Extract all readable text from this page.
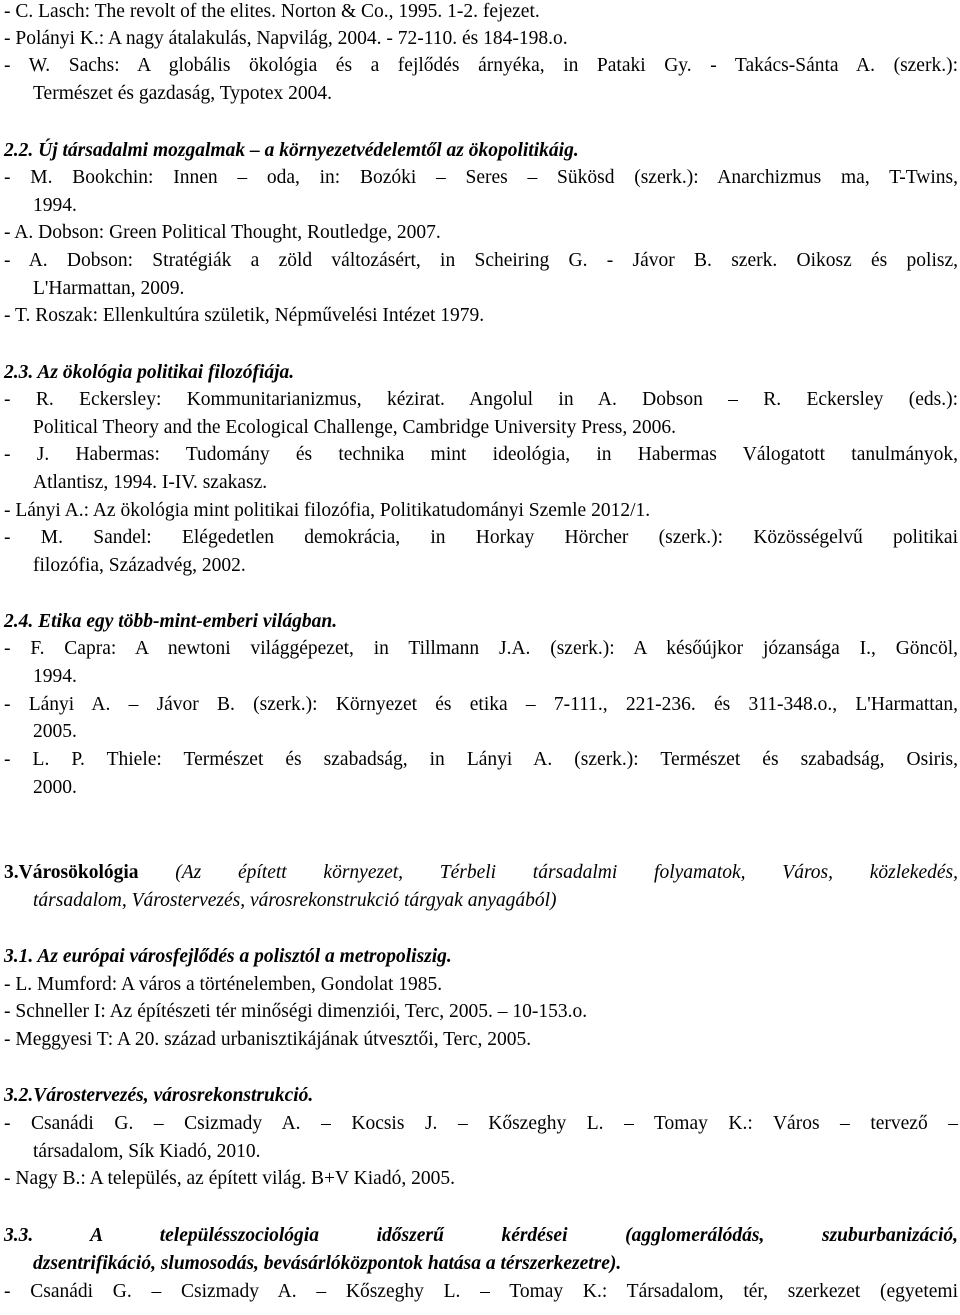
- C. Lasch: The revolt of the elites. Norton & Co., 1995. 1-2. fejezet.
- Polányi K.: A nagy átalakulás, Napvilág, 2004. - 72-110. és 184-198.o.
- W. Sachs: A globális ökológia és a fejlődés árnyéka, in Pataki Gy. - Takács-Sánta A. (szerk.):
Természet és gazdaság, Typotex 2004.
2.2. Új társadalmi mozgalmak – a környezetvédelemtől az ökopolitikáig.
- M. Bookchin: Innen – oda, in: Bozóki – Seres – Sükösd (szerk.): Anarchizmus ma, T-Twins,
1994.
- A. Dobson: Green Political Thought, Routledge, 2007.
- A. Dobson: Stratégiák a zöld változásért, in Scheiring G. - Jávor B. szerk. Oikosz és polisz,
L'Harmattan, 2009.
- T. Roszak: Ellenkultúra születik, Népművelési Intézet 1979.
2.3. Az ökológia politikai filozófiája.
- R. Eckersley: Kommunitarianizmus, kézirat. Angolul in A. Dobson – R. Eckersley (eds.):
Political Theory and the Ecological Challenge, Cambridge University Press, 2006.
- J. Habermas: Tudomány és technika mint ideológia, in Habermas Válogatott tanulmányok,
Atlantisz, 1994. I-IV. szakasz.
- Lányi A.: Az ökológia mint politikai filozófia, Politikatudományi Szemle 2012/1.
- M. Sandel: Elégedetlen demokrácia, in Horkay Hörcher (szerk.): Közösségelvű politikai
filozófia, Századvég, 2002.
2.4. Etika egy több-mint-emberi világban.
- F. Capra: A newtoni világgépezet, in Tillmann J.A. (szerk.): A későújkor józansága I., Göncöl,
1994.
- Lányi A. – Jávor B. (szerk.): Környezet és etika – 7-111., 221-236. és 311-348.o., L'Harmattan,
2005.
- L. P. Thiele: Természet és szabadság, in Lányi A. (szerk.): Természet és szabadság, Osiris,
2000.
3.Városökológia (Az épített környezet, Térbeli társadalmi folyamatok, Város, közlekedés,
társadalom, Várostervezés, városrekonstrukció tárgyak anyagából)
3.1. Az európai városfejlődés a polisztól a metropoliszig.
- L. Mumford: A város a történelemben, Gondolat 1985.
- Schneller I: Az építészeti tér minőségi dimenziói, Terc, 2005. – 10-153.o.
- Meggyesi T: A 20. század urbanisztikájának útvesztői, Terc, 2005.
3.2.Várostervezés, városrekonstrukció.
- Csanádi G. – Csizmady A. – Kocsis J. – Kőszeghy L. – Tomay K.: Város – tervező –
társadalom, Sík Kiadó, 2010.
- Nagy B.: A település, az épített világ. B+V Kiadó, 2005.
3.3. A településszociológia időszerű kérdései (agglomerálódás, szuburbanizáció,
dzsentrifikáció, slumosodás, bevásárlóközpontok hatása a térszerkezetre).
- Csanádi G. – Csizmady A. – Kőszeghy L. – Tomay K.: Társadalom, tér, szerkezet (egyetemi
